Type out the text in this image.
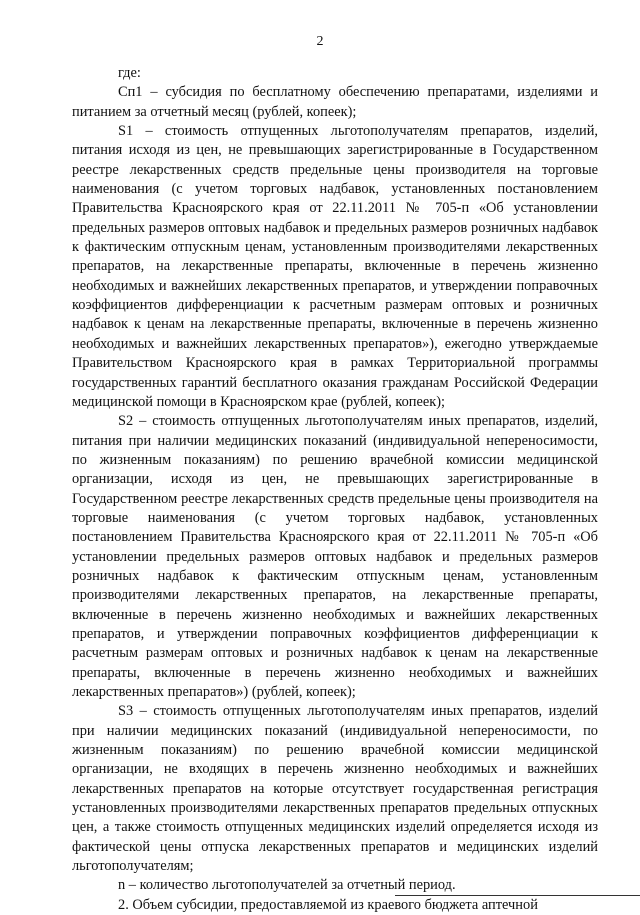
2

где:

Сп1 – субсидия по бесплатному обеспечению препаратами, изделиями и питанием за отчетный месяц (рублей, копеек);

S1 – стоимость отпущенных льготополучателям препаратов, изделий, питания исходя из цен, не превышающих зарегистрированные в Государственном реестре лекарственных средств предельные цены производителя на торговые наименования (с учетом торговых надбавок, установленных постановлением Правительства Красноярского края от 22.11.2011 № 705-п «Об установлении предельных размеров оптовых надбавок и предельных размеров розничных надбавок к фактическим отпускным ценам, установленным производителями лекарственных препаратов, на лекарственные препараты, включенные в перечень жизненно необходимых и важнейших лекарственных препаратов, и утверждении поправочных коэффициентов дифференциации к расчетным размерам оптовых и розничных надбавок к ценам на лекарственные препараты, включенные в перечень жизненно необходимых и важнейших лекарственных препаратов»), ежегодно утверждаемые Правительством Красноярского края в рамках Территориальной программы государственных гарантий бесплатного оказания гражданам Российской Федерации медицинской помощи в Красноярском крае (рублей, копеек);

S2 – стоимость отпущенных льготополучателям иных препаратов, изделий, питания при наличии медицинских показаний (индивидуальной непереносимости, по жизненным показаниям) по решению врачебной комиссии медицинской организации, исходя из цен, не превышающих зарегистрированные в Государственном реестре лекарственных средств предельные цены производителя на торговые наименования (с учетом торговых надбавок, установленных постановлением Правительства Красноярского края от 22.11.2011 № 705-п «Об установлении предельных размеров оптовых надбавок и предельных размеров розничных надбавок к фактическим отпускным ценам, установленным производителями лекарственных препаратов, на лекарственные препараты, включенные в перечень жизненно необходимых и важнейших лекарственных препаратов, и утверждении поправочных коэффициентов дифференциации к расчетным размерам оптовых и розничных надбавок к ценам на лекарственные препараты, включенные в перечень жизненно необходимых и важнейших лекарственных препаратов») (рублей, копеек);

S3 – стоимость отпущенных льготополучателям иных препаратов, изделий при наличии медицинских показаний (индивидуальной непереносимости, по жизненным показаниям) по решению врачебной комиссии медицинской организации, не входящих в перечень жизненно необходимых и важнейших лекарственных препаратов на которые отсутствует государственная регистрация установленных производителями лекарственных препаратов предельных отпускных цен, а также стоимость отпущенных медицинских изделий определяется исходя из фактической цены отпуска лекарственных препаратов и медицинских изделий льготополучателям;

n – количество льготополучателей за отчетный период.

2. Объем субсидии, предоставляемой из краевого бюджета аптечной
